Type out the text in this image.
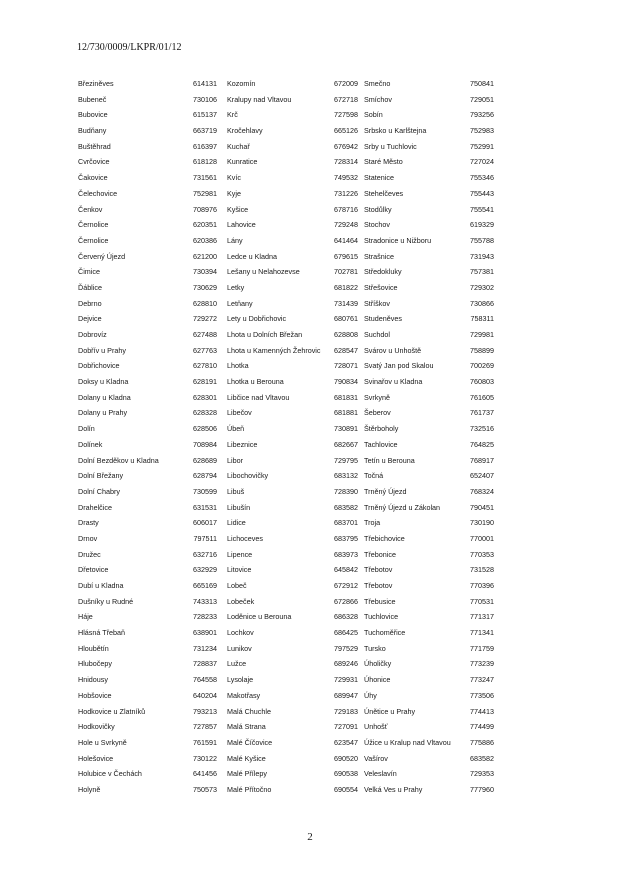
12/730/0009/LKPR/01/12
Březiněves	614131	Kozomín	672009 Smečno	750841
Bubeneč	730106	Kralupy nad Vltavou	672718 Smíchov	729051
Bubovice	615137	Krč	727598 Sobín	793256
Budňany	663719	Kročehlavy	665126 Srbsko u Karlštejna	752983
Buštěhrad	616397	Kuchař	676942 Srby u Tuchlovic	752991
Cvrčovice	618128	Kunratice	728314 Staré Město	727024
Čakovice	731561	Kvíc	749532 Statenice	755346
Čelechovice	752981	Kyje	731226 Stehelčeves	755443
Čenkov	708976	Kyšice	678716 Stodůlky	755541
Černolice	620351	Lahovice	729248 Stochov	619329
Černolice	620386	Lány	641464 Stradonice u Nižboru	755788
Červený Újezd	621200	Ledce u Kladna	679615 Strašnice	731943
Čimice	730394	Lešany u Nelahozevse	702781 Středokluky	757381
Ďáblice	730629	Letky	681822 Střešovice	729302
Debrno	628810	Letňany	731439 Stříškov	730866
Dejvice	729272	Lety u Dobřichovic	680761 Studeněves	758311
Dobrovíz	627488	Lhota u Dolních Břežan	628808 Suchdol	729981
Dobřív u Prahy	627763	Lhota u Kamenných Žehrovic	628547 Svárov u Unhoště	758899
Dobřichovice	627810	Lhotka	728071 Svatý Jan pod Skalou	700269
Doksy u Kladna	628191	Lhotka u Berouna	790834 Svinařov u Kladna	760803
Dolany u Kladna	628301	Libčice nad Vltavou	681831 Svrkyně	761605
Dolany u Prahy	628328	Libečov	681881 Šeberov	761737
Dolín	628506	Úbeň	730891 Štěrboholy	732516
Dolínek	708984	Libeznice	682667 Tachlovice	764825
Dolní Bezděkov u Kladna	628689	Libor	729795 Tetín u Berouna	768917
Dolní Břežany	628794	Libochovičky	683132 Točná	652407
Dolní Chabry	730599	Libuš	728390 Trněný Újezd	768324
Drahelčice	631531	Libušín	683582 Trněný Újezd u Zákolan	790451
Drasty	606017	Lidice	683701 Troja	730190
Drnov	797511	Lichoceves	683795 Třebichovice	770001
Družec	632716	Lipence	683973 Třebonice	770353
Dřetovice	632929	Litovice	645842 Třebotov	731528
Dubí u Kladna	665169	Lobeč	672912 Třebotov	770396
Dušníky u Rudné	743313	Lobeček	672866 Třebusice	770531
Háje	728233	Loděnice u Berouna	686328 Tuchlovice	771317
Hlásná Třebaň	638901	Lochkov	686425 Tuchoměřice	771341
Hloubětín	731234	Lunikov	797529 Tursko	771759
Hlubočepy	728837	Lužce	689246 Úholičky	773239
Hnidousy	764558	Lysolaje	729931 Úhonice	773247
Hobšovice	640204	Makotřasy	689947 Úhy	773506
Hodkovice u Zlatníků	793213	Malá Chuchle	729183 Únětice u Prahy	774413
Hodkovičky	727857	Malá Strana	727091 Unhošť	774499
Hole u Svrkyně	761591	Malé Číčovice	623547 Úžice u Kralup nad Vltavou	775886
Holešovice	730122	Malé Kyšice	690520 Vašírov	683582
Holubice v Čechách	641456	Malé Přílepy	690538 Veleslavín	729353
Holyně	750573	Malé Přítočno	690554 Velká Ves u Prahy	777960
2
